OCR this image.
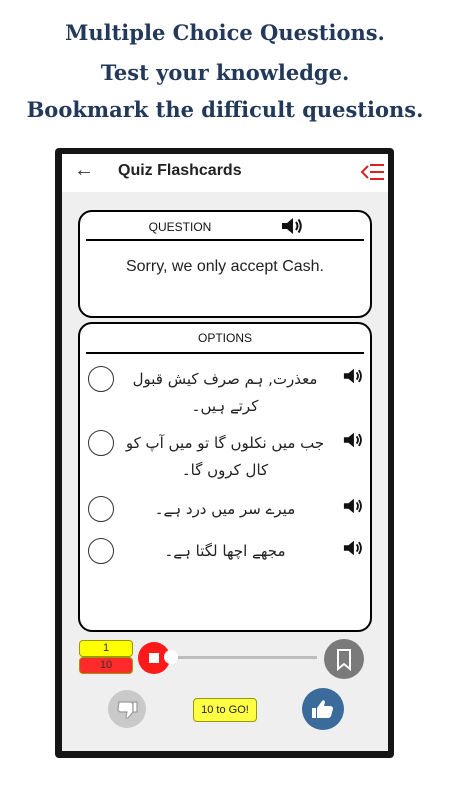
Multiple Choice Questions.
Test your knowledge.
Bookmark the difficult questions.
← Quiz Flashcards
QUESTION
Sorry, we only accept Cash.
OPTIONS
معذرت, ہم صرف کیش قبول کرتے ہیں۔
جب میں نکلوں گا تو میں آپ کو کال کروں گا۔
میرے سر میں درد ہے۔
مجھے اچھا لگتا ہے۔
1
10
10 to GO!
